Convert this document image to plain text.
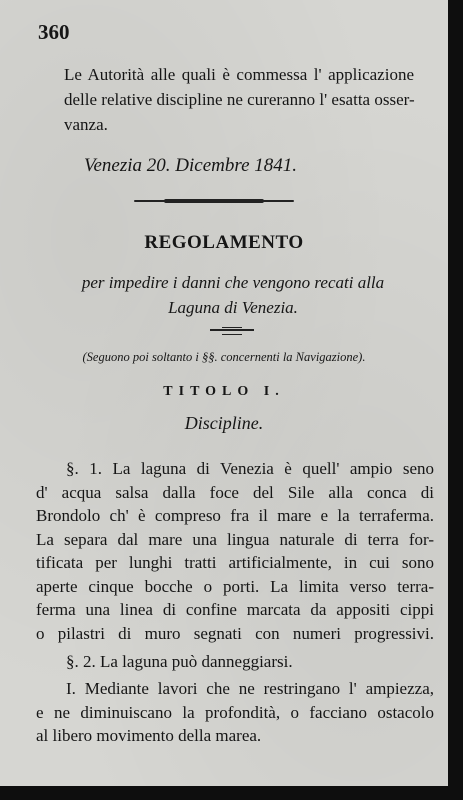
360

Le Autorità alle quali è commessa l' applicazione
delle relative discipline ne cureranno l' esatta osser-
vanza.

Venezia 20. Dicembre 1841.
REGOLAMENTO
per impedire i danni che vengono recati alla
Laguna di Venezia.
(Seguono poi soltanto i §§. concernenti la Navigazione).
TITOLO I.
Discipline.

§. 1. La laguna di Venezia è quell' ampio seno
d' acqua salsa dalla foce del Sile alla conca di
Brondolo ch' è compreso fra il mare e la terraferma.
La separa dal mare una lingua naturale di terra for-
tificata per lunghi tratti artificialmente, in cui sono
aperte cinque bocche o porti. La limita verso terra-
ferma una linea di confine marcata da appositi cippi
o pilastri di muro segnati con numeri progressivi.

§. 2. La laguna può danneggiarsi.

I. Mediante lavori che ne restringano l' ampiezza,
e ne diminuiscano la profondità, o facciano ostacolo
al libero movimento della marea.
